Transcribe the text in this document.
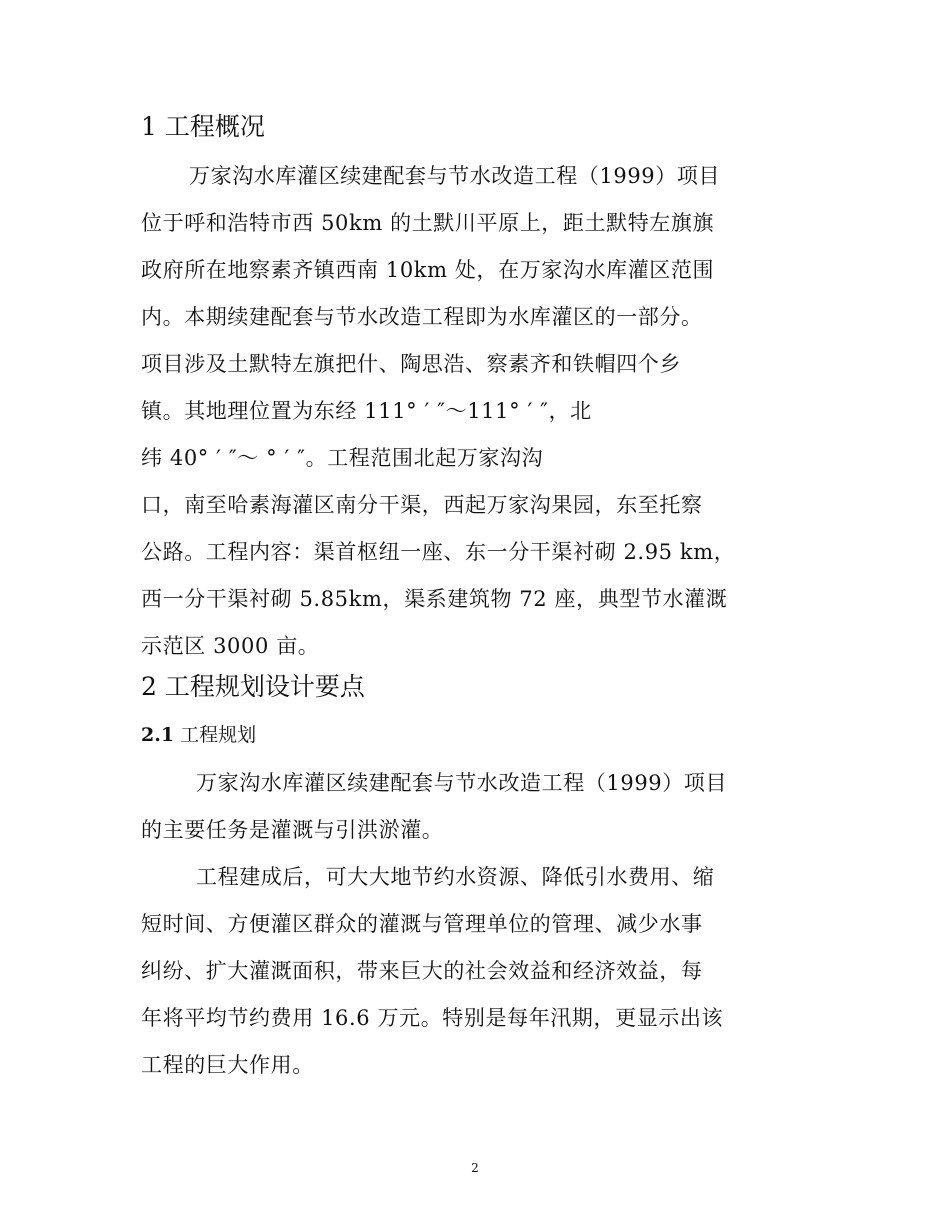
1 工程概况
万家沟水库灌区续建配套与节水改造工程（1999）项目
位于呼和浩特市西 50km 的土默川平原上，距土默特左旗旗
政府所在地察素齐镇西南 10km 处，在万家沟水库灌区范围
内。本期续建配套与节水改造工程即为水库灌区的一部分。
项目涉及土默特左旗把什、陶思浩、察素齐和铁帽四个乡
镇。其地理位置为东经 111° ′ ″～111° ′ ″，北
纬 40° ′ ″～ ° ′ ″。工程范围北起万家沟沟
口，南至哈素海灌区南分干渠，西起万家沟果园，东至托察
公路。工程内容：渠首枢纽一座、东一分干渠衬砌 2.95 km，
西一分干渠衬砌 5.85km，渠系建筑物 72 座，典型节水灌溉
示范区 3000 亩。
2 工程规划设计要点
2.1 工程规划
万家沟水库灌区续建配套与节水改造工程（1999）项目
的主要任务是灌溉与引洪淤灌。
工程建成后，可大大地节约水资源、降低引水费用、缩
短时间、方便灌区群众的灌溉与管理单位的管理、减少水事
纠纷、扩大灌溉面积，带来巨大的社会效益和经济效益，每
年将平均节约费用 16.6 万元。特别是每年汛期，更显示出该
工程的巨大作用。
2
